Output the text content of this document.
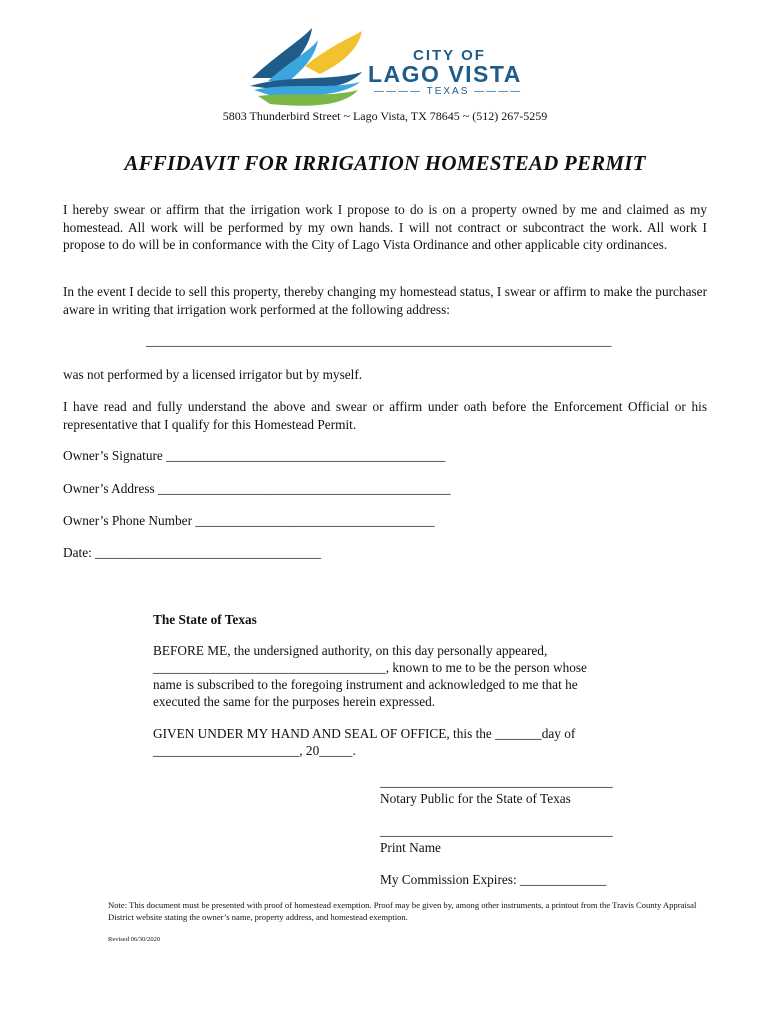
CITY OF
LAGO VISTA
———— TEXAS ————
5803 Thunderbird Street ~ Lago Vista, TX 78645 ~ (512) 267-5259
AFFIDAVIT FOR IRRIGATION HOMESTEAD PERMIT
I hereby swear or affirm that the irrigation work I propose to do is on a property owned by me and claimed as my homestead. All work will be performed by my own hands. I will not contract or subcontract the work. All work I propose to do will be in conformance with the City of Lago Vista Ordinance and other applicable city ordinances.
In the event I decide to sell this property, thereby changing my homestead status, I swear or affirm to make the purchaser aware in writing that irrigation work performed at the following address:
______________________________________________________________________
was not performed by a licensed irrigator but by myself.
I have read and fully understand the above and swear or affirm under oath before the Enforcement Official or his representative that I qualify for this Homestead Permit.
Owner’s Signature __________________________________________
Owner’s Address ____________________________________________
Owner’s Phone Number ____________________________________
Date: __________________________________
The State of Texas
BEFORE ME, the undersigned authority, on this day personally appeared, ___________________________________, known to me to be the person whose name is subscribed to the foregoing instrument and acknowledged to me that he executed the same for the purposes herein expressed.
GIVEN UNDER MY HAND AND SEAL OF OFFICE, this the _______day of ______________________, 20_____.
___________________________________
Notary Public for the State of Texas
___________________________________
Print Name
My Commission Expires: _____________
Note: This document must be presented with proof of homestead exemption. Proof may be given by, among other instruments, a printout from the Travis County Appraisal District website stating the owner’s name, property address, and homestead exemption.
Revised 06/30/2020
